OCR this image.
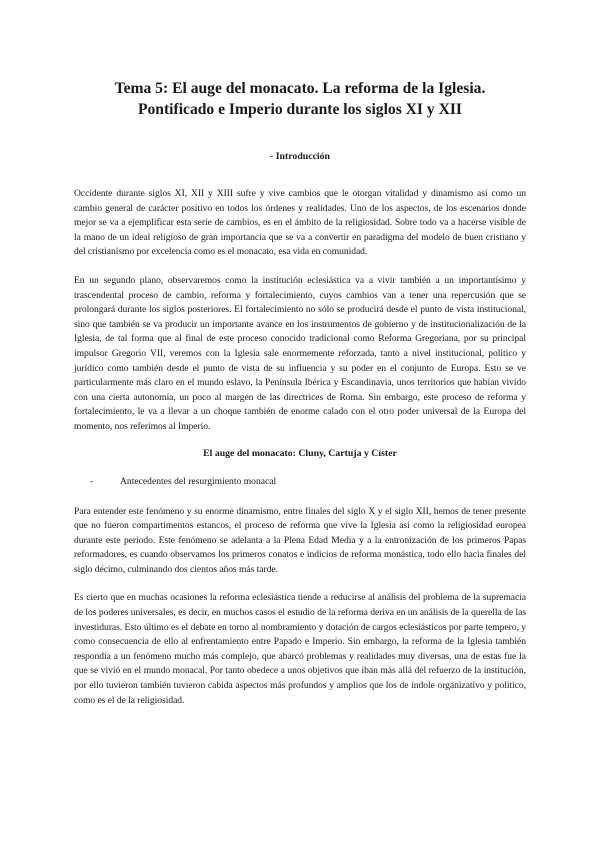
Tema 5: El auge del monacato. La reforma de la Iglesia.
Pontificado e Imperio durante los siglos XI y XII
- Introducción

Occidente durante siglos XI, XII y XIII sufre y vive cambios que le otorgan vitalidad y dinamismo así como un cambio general de carácter positivo en todos los órdenes y realidades. Uno de los aspectos, de los escenarios donde mejor se va a ejemplificar esta serie de cambios, es en el ámbito de la religiosidad. Sobre todo va a hacerse visible de la mano de un ideal religioso de gran importancia que se va a convertir en paradigma del modelo de buen cristiano y del cristianismo por excelencia como es el monacato, esa vida en comunidad.

En un segundo plano, observaremos como la institución eclesiástica va a vivir también a un importantísimo y trascendental proceso de cambio, reforma y fortalecimiento, cuyos cambios van a tener una repercusión que se prolongará durante los siglos posteriores. El fortalecimiento no sólo se producirá desde el punto de vista institucional, sino que también se va producir un importante avance en los instrumentos de gobierno y de institucionalización de la Iglesia, de tal forma que al final de este proceso conocido tradicional como Reforma Gregoriana, por su principal impulsor Gregorio VII, veremos con la Iglesia sale enormemente reforzada, tanto a nivel institucional, político y jurídico como también desde el punto de vista de su influencia y su poder en el conjunto de Europa. Esto se ve particularmente más claro en el mundo eslavo, la Península Ibérica y Escandinavia, unos territorios que habían vivido con una cierta autonomía, un poco al margen de las directrices de Roma. Sin embargo, este proceso de reforma y fortalecimiento, le va a llevar a un choque también de enorme calado con el otro poder universal de la Europa del momento, nos referimos al Imperio.

El auge del monacato: Cluny, Cartuja y Císter
-	Antecedentes del resurgimiento monacal

Para entender este fenómeno y su enorme dinamismo, entre finales del siglo X y el siglo XII, hemos de tener presente que no fueron compartimentos estancos, el proceso de reforma que vive la Iglesia así como la religiosidad europea durante este periodo. Este fenómeno se adelanta a la Plena Edad Media y a la entronización de los primeros Papas reformadores, es cuando observamos los primeros conatos e indicios de reforma monástica, todo ello hacia finales del siglo décimo, culminando dos cientos años más tarde.

Es cierto que en muchas ocasiones la reforma eclesiástica tiende a reducirse al análisis del problema de la supremacía de los poderes universales, es decir, en muchos casos el estudio de la reforma deriva en un análisis de la querella de las investiduras. Esto último es el debate en torno al nombramiento y dotación de cargos eclesiásticos por parte tempero, y como consecuencia de ello al enfrentamiento entre Papado e Imperio. Sin embargo, la reforma de la Iglesia también respondía a un fenómeno mucho más complejo, que abarcó problemas y realidades muy diversas, una de estas fue la que se vivió en el mundo monacal. Por tanto obedece a unos objetivos que iban más allá del refuerzo de la institución, por ello tuvieron también tuvieron cabida aspectos más profundos y amplios que los de índole organizativo y político, como es el de la religiosidad.
